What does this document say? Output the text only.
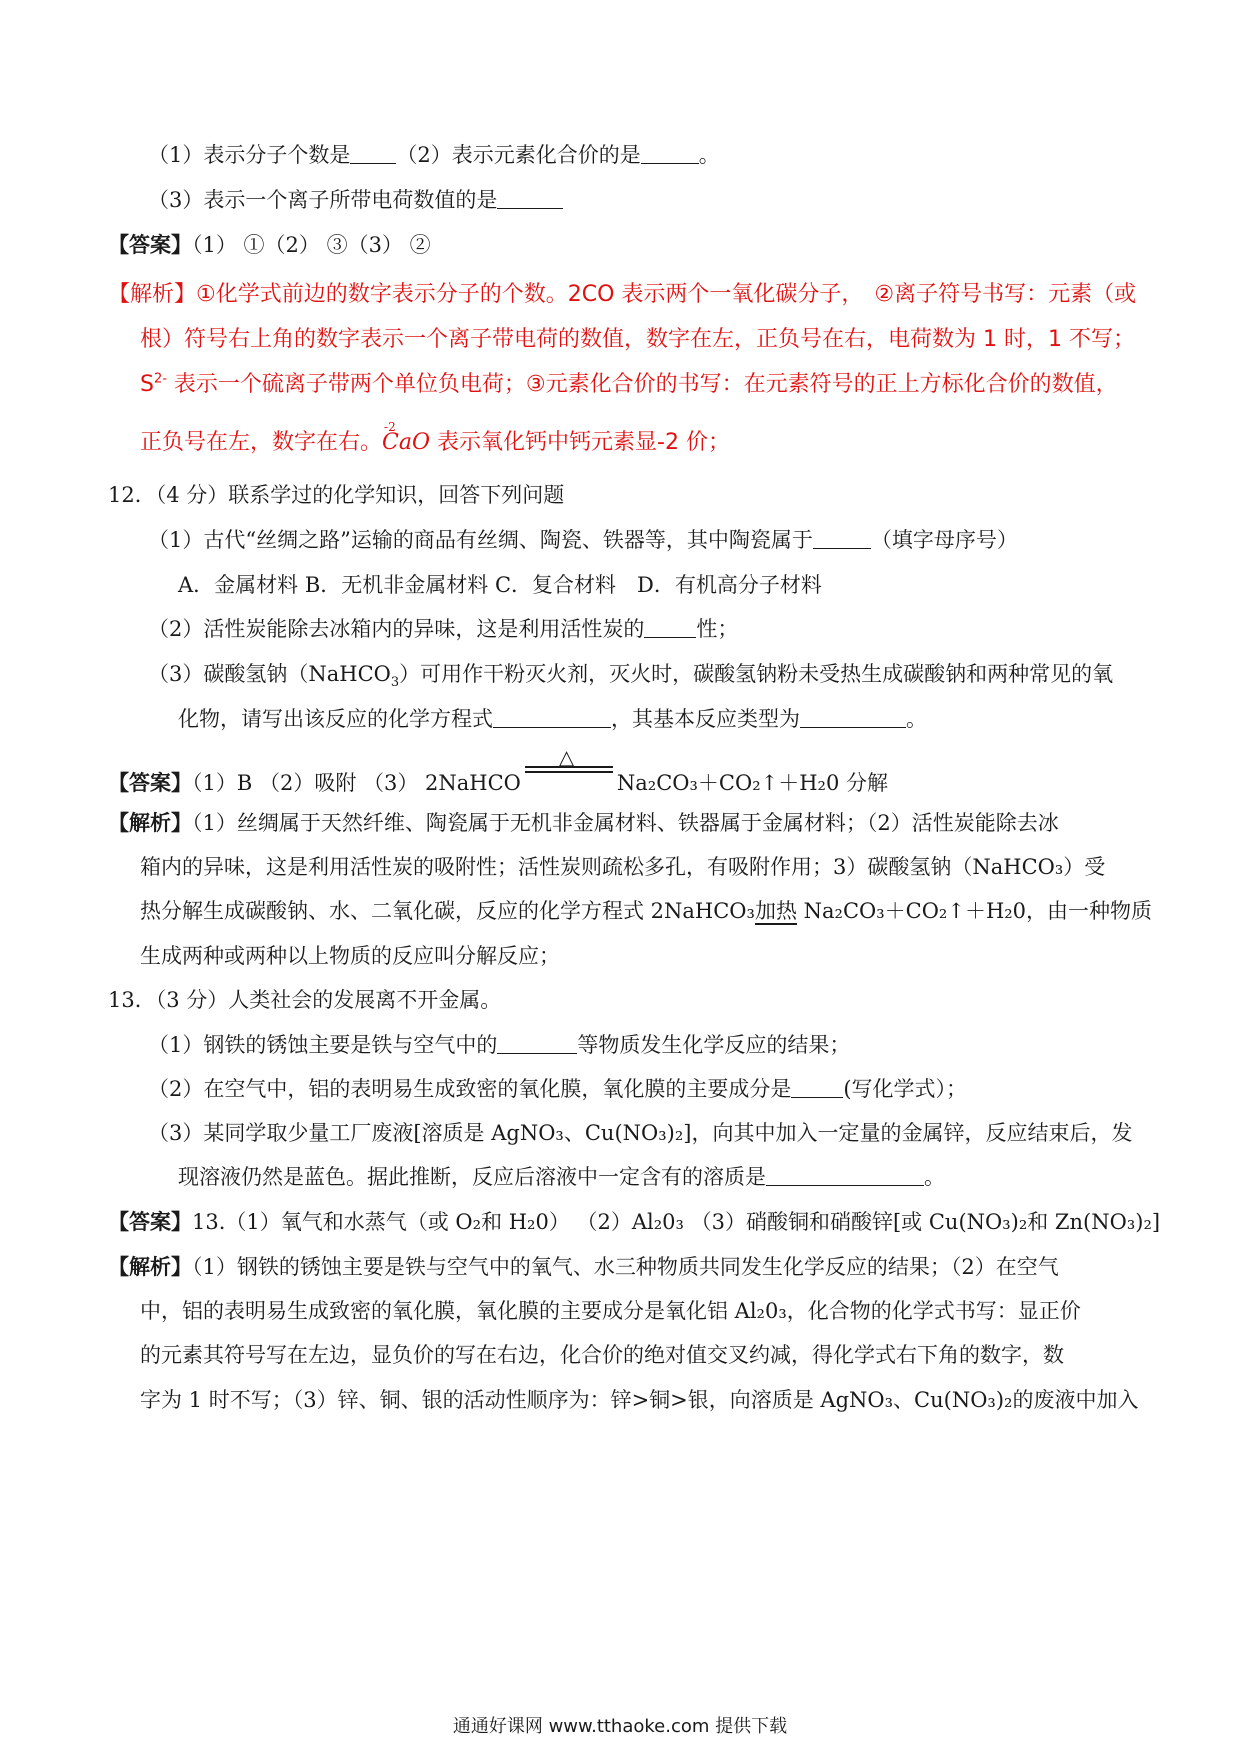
（1）表示分子个数是 （2）表示元素化合价的是	。
（3）表示一个离子所带电荷数值的是
【答案】（1） ①（2） ③（3） ②
【解析】①化学式前边的数字表示分子的个数。2CO 表示两个一氧化碳分子，　②离子符号书写：元素（或
根）符号右上角的数字表示一个离子带电荷的数值，数字在左，正负号在右，电荷数为 1 时，1 不写；
$S^{2-}$ 表示一个硫离子带两个单位负电荷；③元素化合价的书写：在元素符号的正上方标化合价的数值，
正负号在左，数字在右。
-2
CaO 表示氧化钙中钙元素显-2 价；
12．（4 分）联系学过的化学知识，回答下列问题
（1）古代“丝绸之路”运输的商品有丝绸、陶瓷、铁器等，其中陶瓷属于	（填字母序号）
A．金属材料 B．无机非金属材料 C．复合材料　D．有机高分子材料
（2）活性炭能除去冰箱内的异味，这是利用活性炭的 性；
（3）碳酸氢钠（NaHCO$_3$）可用作干粉灭火剂，灭火时，碳酸氢钠粉未受热生成碳酸钠和两种常见的氧
化物，请写出该反应的化学方程式	，其基本反应类型为	。
【答案】（1）B （2）吸附 （3） 2NaHCO
△
Na₂CO₃＋CO₂↑＋H₂0 分解
【解析】（1）丝绸属于天然纤维、陶瓷属于无机非金属材料、铁器属于金属材料；（2）活性炭能除去冰
箱内的异味，这是利用活性炭的吸附性；活性炭则疏松多孔，有吸附作用；3）碳酸氢钠（NaHCO₃）受
热分解生成碳酸钠、水、二氧化碳，反应的化学方程式 2NaHCO₃加热 Na₂CO₃＋CO₂↑＋H₂0，由一种物质
生成两种或两种以上物质的反应叫分解反应；
13．（3 分）人类社会的发展离不开金属。
（1）钢铁的锈蚀主要是铁与空气中的	等物质发生化学反应的结果；
（2）在空气中，铝的表明易生成致密的氧化膜，氧化膜的主要成分是 (写化学式）；
（3）某同学取少量工厂废液[溶质是 AgNO₃、Cu(NO₃)₂]，向其中加入一定量的金属锌，反应结束后，发
现溶液仍然是蓝色。据此推断，反应后溶液中一定含有的溶质是	。
【答案】13.（1）氧气和水蒸气（或 O₂和 H₂0） （2）Al₂0₃ （3）硝酸铜和硝酸锌[或 Cu(NO₃)₂和 Zn(NO₃)₂]
【解析】（1）钢铁的锈蚀主要是铁与空气中的氧气、水三种物质共同发生化学反应的结果；（2）在空气
中，铝的表明易生成致密的氧化膜，氧化膜的主要成分是氧化铝 Al₂0₃，化合物的化学式书写：显正价
的元素其符号写在左边，显负价的写在右边，化合价的绝对值交叉约减，得化学式右下角的数字，数
字为 1 时不写；（3）锌、铜、银的活动性顺序为：锌>铜>银，向溶质是 AgNO₃、Cu(NO₃)₂的废液中加入
通通好课网 www.tthaoke.com 提供下载
